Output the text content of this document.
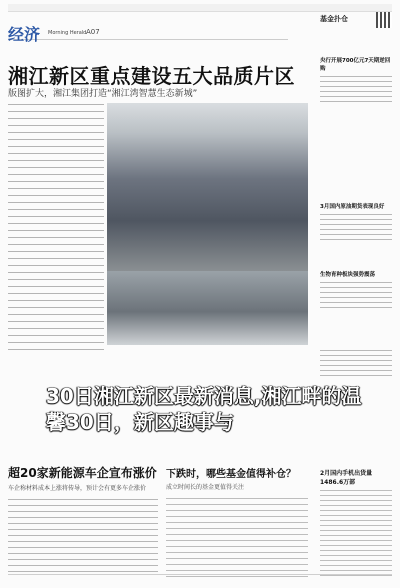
经济 Morning Herald A07
基金扑仓
湘江新区重点建设五大品质片区
版图扩大，湘江集团打造“湘江湾智慧生态新城”
30日湘江新区最新消息,湘江畔的温馨30日，新区趣事与
央行开展700亿元7天期逆回购
3月国内原油期货表现良好
生物育种板块强势震荡
超20家新能源车企宣布涨价
车企称材料成本上涨将传导，预计会有更多车企涨价
下跌时，哪些基金值得补仓？
成立时间长的基金更值得关注
2月国内手机出货量1486.6万部
